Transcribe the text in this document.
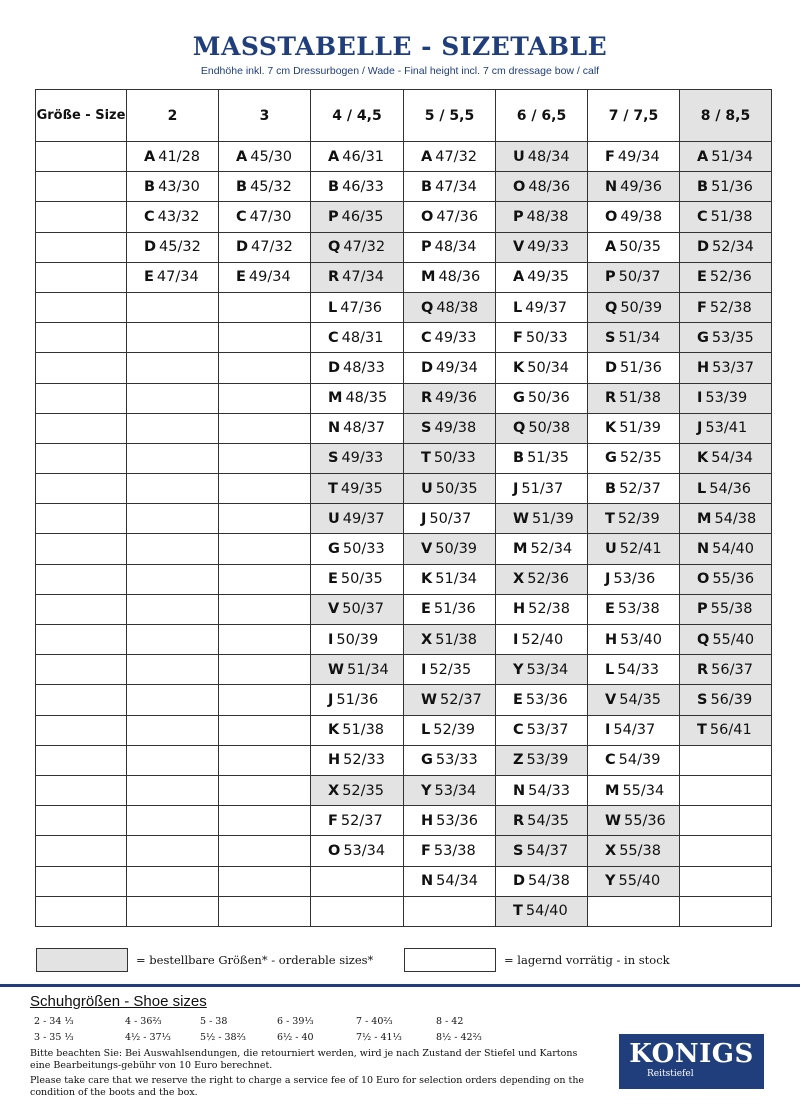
MASSTABELLE - SIZETABLE
Endhöhe inkl. 7 cm Dressurbogen / Wade - Final height incl. 7 cm dressage bow / calf
Größe - Size	2	3	4 / 4,5	5 / 5,5	6 / 6,5	7 / 7,5	8 / 8,5
	A 41/28	A 45/30	A 46/31	A 47/32	U 48/34	F 49/34	A 51/34
	B 43/30	B 45/32	B 46/33	B 47/34	O 48/36	N 49/36	B 51/36
	C 43/32	C 47/30	P 46/35	O 47/36	P 48/38	O 49/38	C 51/38
	D 45/32	D 47/32	Q 47/32	P 48/34	V 49/33	A 50/35	D 52/34
	E 47/34	E 49/34	R 47/34	M 48/36	A 49/35	P 50/37	E 52/36
			L 47/36	Q 48/38	L 49/37	Q 50/39	F 52/38
			C 48/31	C 49/33	F 50/33	S 51/34	G 53/35
			D 48/33	D 49/34	K 50/34	D 51/36	H 53/37
			M 48/35	R 49/36	G 50/36	R 51/38	I 53/39
			N 48/37	S 49/38	Q 50/38	K 51/39	J 53/41
			S 49/33	T 50/33	B 51/35	G 52/35	K 54/34
			T 49/35	U 50/35	J 51/37	B 52/37	L 54/36
			U 49/37	J 50/37	W 51/39	T 52/39	M 54/38
			G 50/33	V 50/39	M 52/34	U 52/41	N 54/40
			E 50/35	K 51/34	X 52/36	J 53/36	O 55/36
			V 50/37	E 51/36	H 52/38	E 53/38	P 55/38
			I 50/39	X 51/38	I 52/40	H 53/40	Q 55/40
			W 51/34	I 52/35	Y 53/34	L 54/33	R 56/37
			J 51/36	W 52/37	E 53/36	V 54/35	S 56/39
			K 51/38	L 52/39	C 53/37	I 54/37	T 56/41
			H 52/33	G 53/33	Z 53/39	C 54/39	
			X 52/35	Y 53/34	N 54/33	M 55/34	
			F 52/37	H 53/36	R 54/35	W 55/36	
			O 53/34	F 53/38	S 54/37	X 55/38	
				N 54/34	D 54/38	Y 55/40	
					T 54/40		
= bestellbare Größen* - orderable sizes*	= lagernd vorrätig - in stock
Schuhgrößen - Shoe sizes
2 - 34 ⅓	4 - 36⅔	5 - 38	6 - 39⅓	7 - 40⅔	8 - 42
3 - 35 ⅓	4½ - 37⅓	5½ - 38⅔	6½ - 40	7½ - 41⅓	8½ - 42⅔
Bitte beachten Sie: Bei Auswahlsendungen, die retourniert werden, wird je nach Zustand der Stiefel und Kartons eine Bearbeitungs-gebühr von 10 Euro berechnet.
Please take care that we reserve the right to charge a service fee of 10 Euro for selection orders depending on the condition of the boots and the box.
KONIGS
Reitstiefel
